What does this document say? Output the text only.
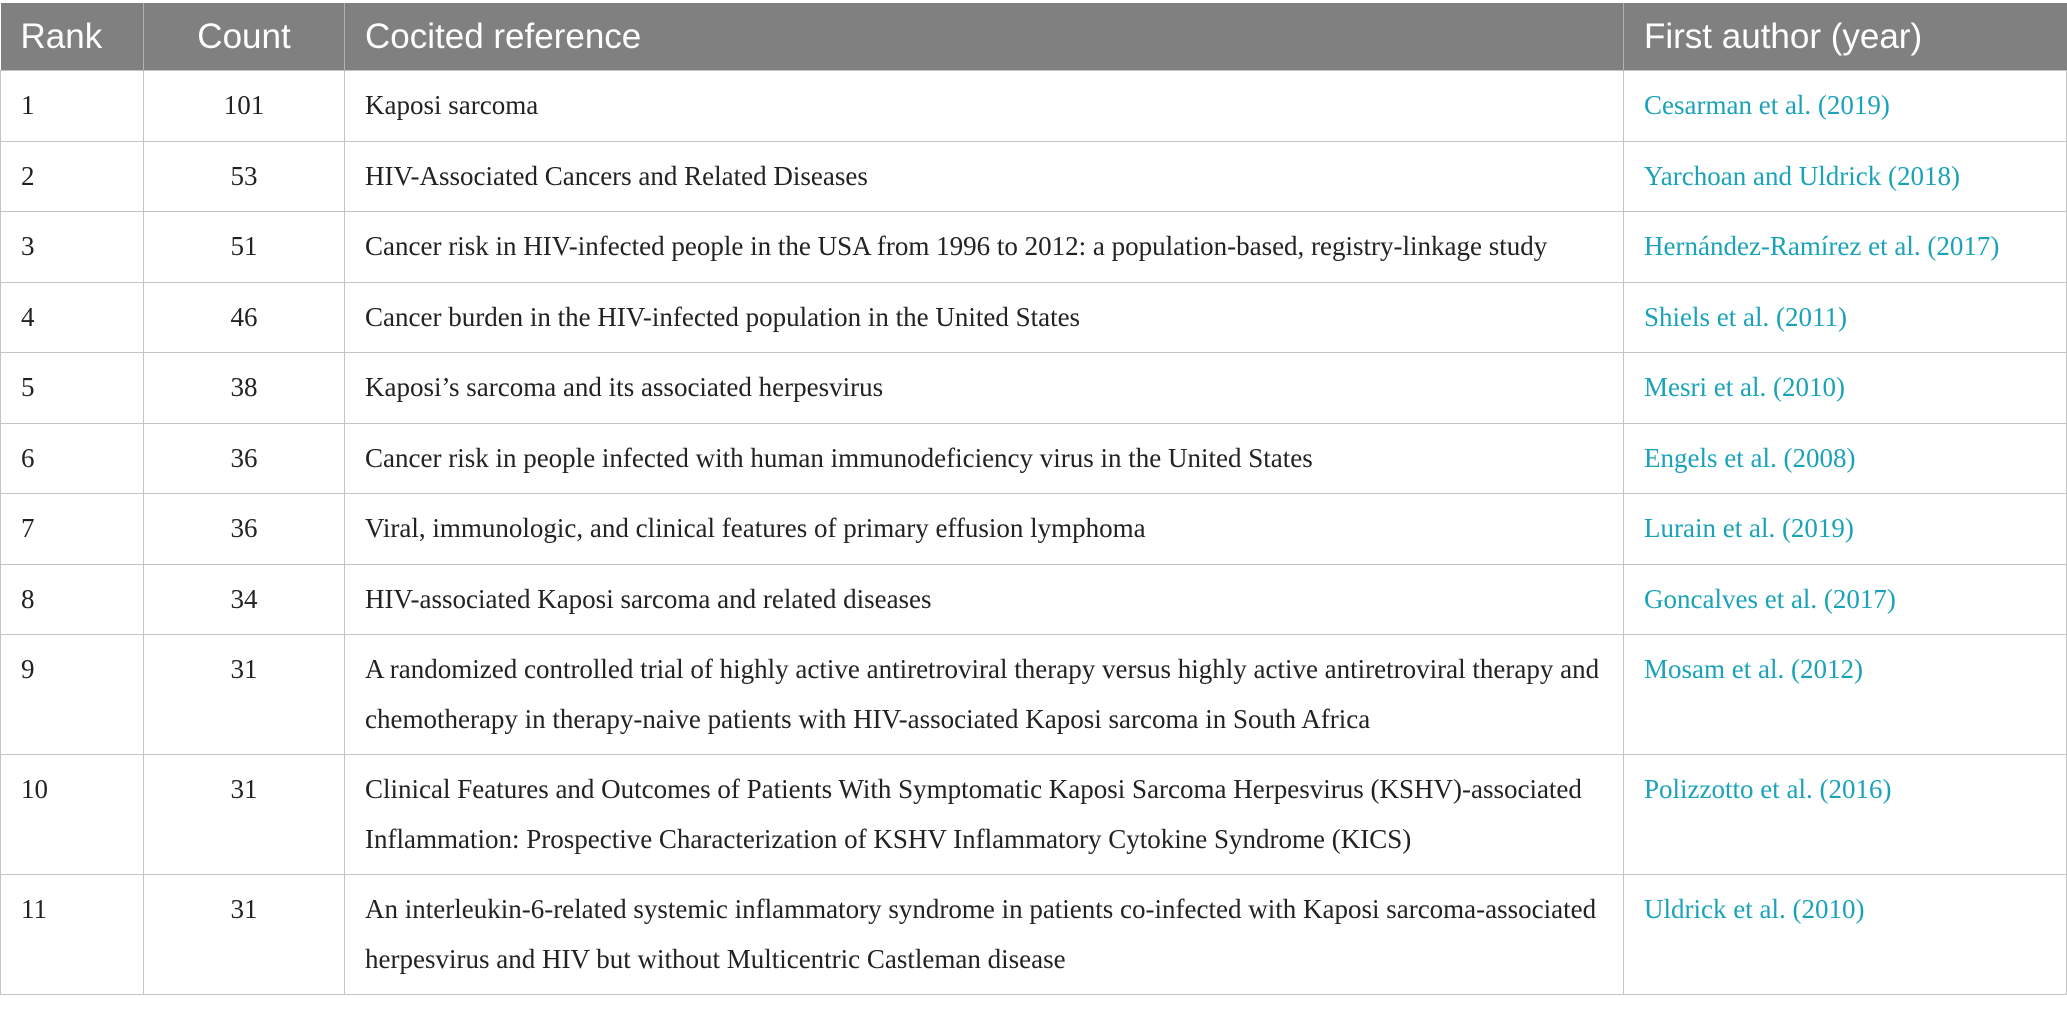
Rank	Count	Cocited reference	First author (year)
1	101	Kaposi sarcoma	Cesarman et al. (2019)
2	53	HIV-Associated Cancers and Related Diseases	Yarchoan and Uldrick (2018)
3	51	Cancer risk in HIV-infected people in the USA from 1996 to 2012: a population-based, registry-linkage study	Hernández-Ramírez et al. (2017)
4	46	Cancer burden in the HIV-infected population in the United States	Shiels et al. (2011)
5	38	Kaposi’s sarcoma and its associated herpesvirus	Mesri et al. (2010)
6	36	Cancer risk in people infected with human immunodeficiency virus in the United States	Engels et al. (2008)
7	36	Viral, immunologic, and clinical features of primary effusion lymphoma	Lurain et al. (2019)
8	34	HIV-associated Kaposi sarcoma and related diseases	Goncalves et al. (2017)
9	31	A randomized controlled trial of highly active antiretroviral therapy versus highly active antiretroviral therapy and chemotherapy in therapy-naive patients with HIV-associated Kaposi sarcoma in South Africa	Mosam et al. (2012)
10	31	Clinical Features and Outcomes of Patients With Symptomatic Kaposi Sarcoma Herpesvirus (KSHV)-associated Inflammation: Prospective Characterization of KSHV Inflammatory Cytokine Syndrome (KICS)	Polizzotto et al. (2016)
11	31	An interleukin-6-related systemic inflammatory syndrome in patients co-infected with Kaposi sarcoma-associated herpesvirus and HIV but without Multicentric Castleman disease	Uldrick et al. (2010)
